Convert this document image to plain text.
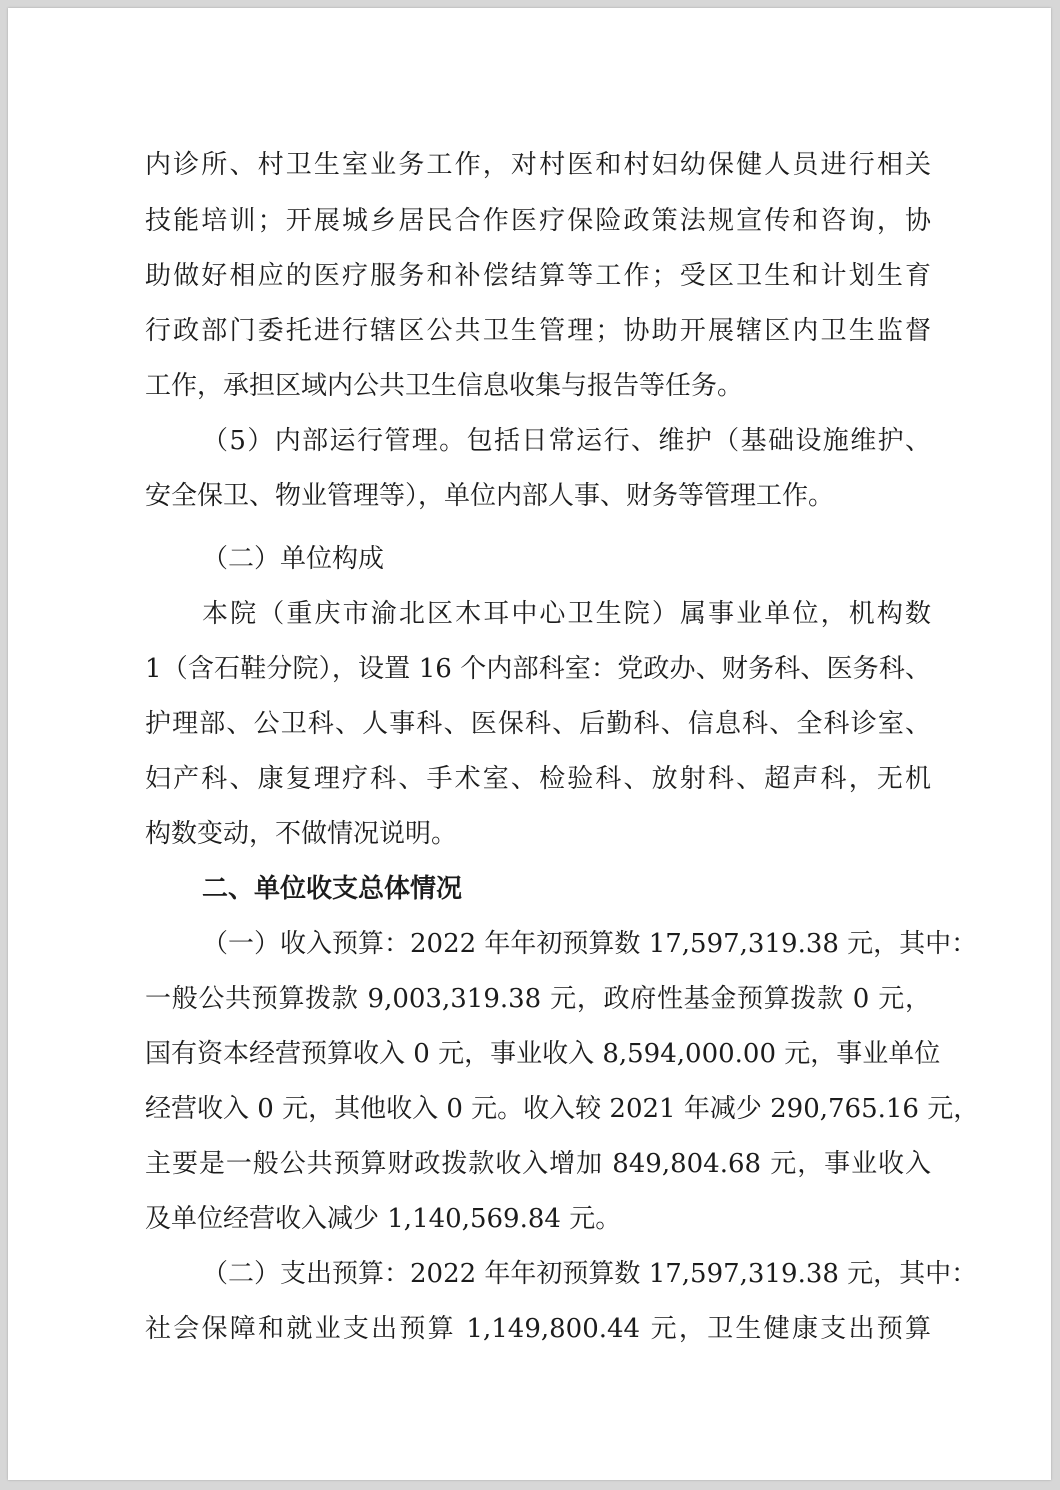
内诊所、村卫生室业务工作，对村医和村妇幼保健人员进行相关
技能培训；开展城乡居民合作医疗保险政策法规宣传和咨询，协
助做好相应的医疗服务和补偿结算等工作；受区卫生和计划生育
行政部门委托进行辖区公共卫生管理；协助开展辖区内卫生监督
工作，承担区域内公共卫生信息收集与报告等任务。
（5）内部运行管理。包括日常运行、维护（基础设施维护、
安全保卫、物业管理等），单位内部人事、财务等管理工作。
（二）单位构成
本院（重庆市渝北区木耳中心卫生院）属事业单位，机构数
1（含石鞋分院），设置 16 个内部科室：党政办、财务科、医务科、
护理部、公卫科、人事科、医保科、后勤科、信息科、全科诊室、
妇产科、康复理疗科、手术室、检验科、放射科、超声科，无机
构数变动，不做情况说明。
二、单位收支总体情况
（一）收入预算：2022 年年初预算数 17,597,319.38 元，其中：
一般公共预算拨款 9,003,319.38 元，政府性基金预算拨款 0 元，
国有资本经营预算收入 0 元，事业收入 8,594,000.00 元，事业单位
经营收入 0 元，其他收入 0 元。收入较 2021 年减少 290,765.16 元，
主要是一般公共预算财政拨款收入增加 849,804.68 元，事业收入
及单位经营收入减少 1,140,569.84 元。
（二）支出预算：2022 年年初预算数 17,597,319.38 元，其中：
社会保障和就业支出预算 1,149,800.44 元，卫生健康支出预算
